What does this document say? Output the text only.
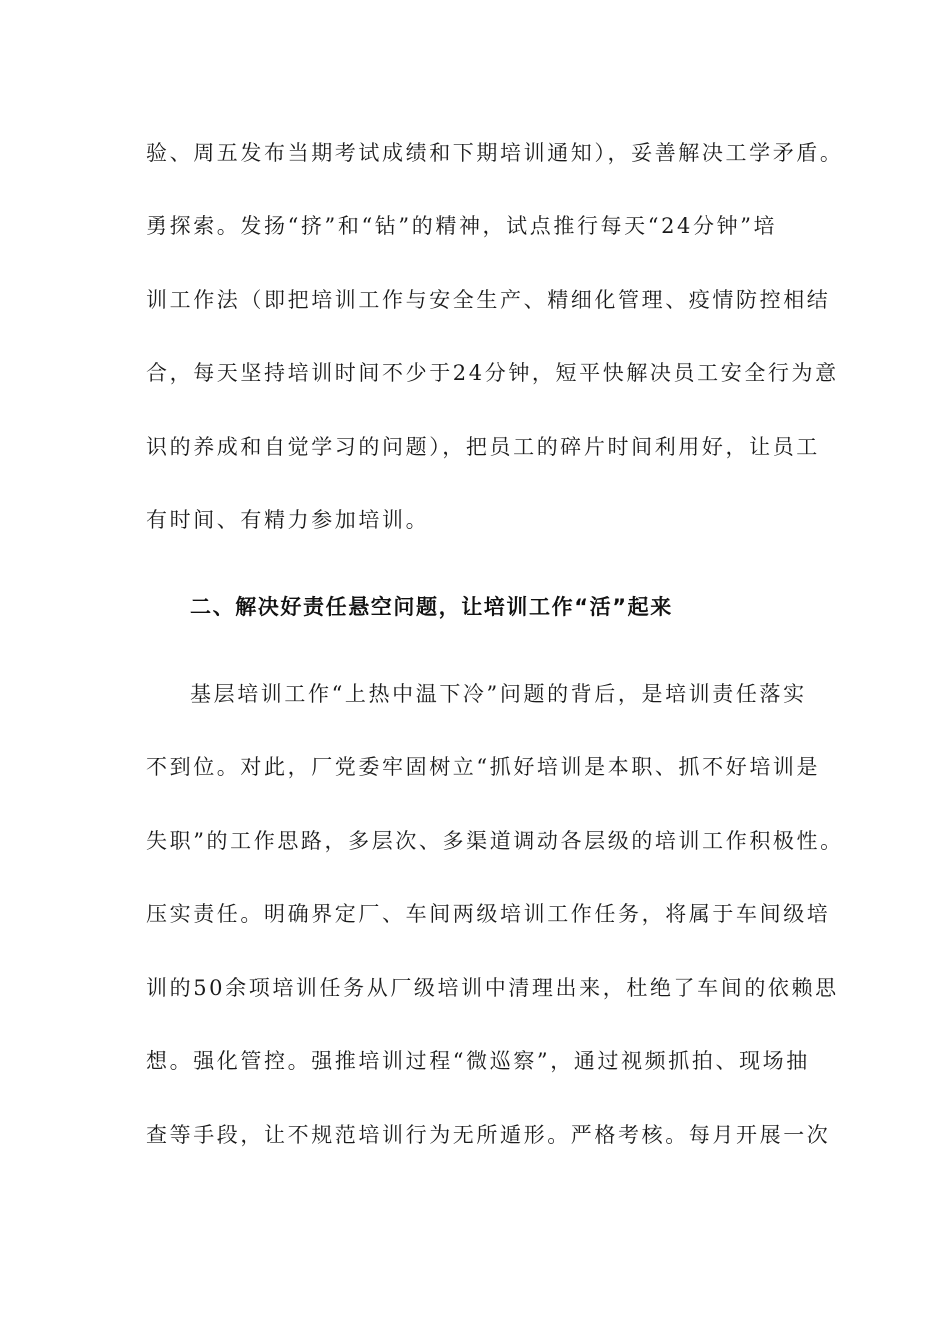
验、周五发布当期考试成绩和下期培训通知），妥善解决工学矛盾。
勇探索。发扬“挤”和“钻”的精神，试点推行每天“24分钟”培
训工作法（即把培训工作与安全生产、精细化管理、疫情防控相结
合，每天坚持培训时间不少于24分钟，短平快解决员工安全行为意
识的养成和自觉学习的问题），把员工的碎片时间利用好，让员工
有时间、有精力参加培训。
二、解决好责任悬空问题，让培训工作“活”起来
基层培训工作“上热中温下冷”问题的背后，是培训责任落实
不到位。对此，厂党委牢固树立“抓好培训是本职、抓不好培训是
失职”的工作思路，多层次、多渠道调动各层级的培训工作积极性。
压实责任。明确界定厂、车间两级培训工作任务，将属于车间级培
训的50余项培训任务从厂级培训中清理出来，杜绝了车间的依赖思
想。强化管控。强推培训过程“微巡察”，通过视频抓拍、现场抽
查等手段，让不规范培训行为无所遁形。严格考核。每月开展一次
